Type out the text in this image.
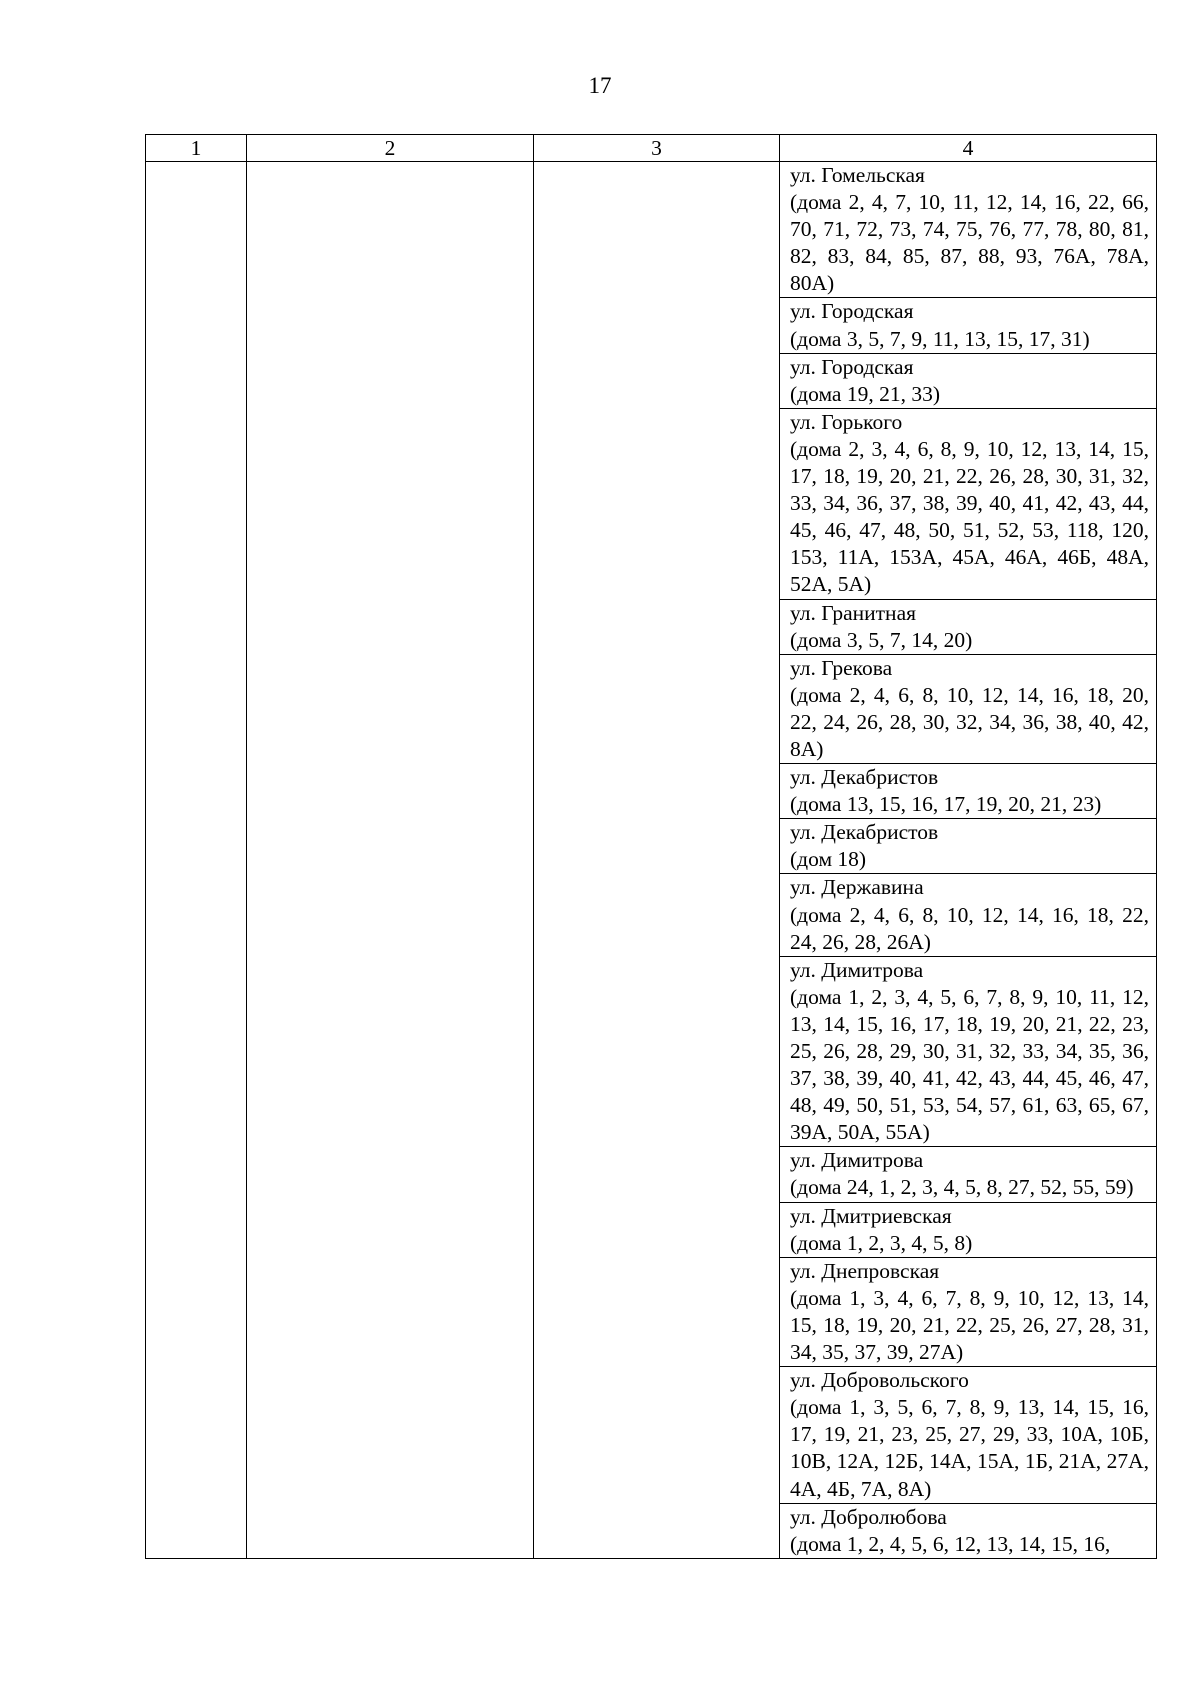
17
1	2	3	4

			ул. Гомельская
(дома 2, 4, 7, 10, 11, 12, 14, 16, 22, 66, 70, 71, 72, 73, 74, 75, 76, 77, 78, 80, 81, 82, 83, 84, 85, 87, 88, 93, 76А, 78А, 80А)

			ул. Городская
(дома 3, 5, 7, 9, 11, 13, 15, 17, 31)

			ул. Городская
(дома 19, 21, 33)

			ул. Горького
(дома 2, 3, 4, 6, 8, 9, 10, 12, 13, 14, 15, 17, 18, 19, 20, 21, 22, 26, 28, 30, 31, 32, 33, 34, 36, 37, 38, 39, 40, 41, 42, 43, 44, 45, 46, 47, 48, 50, 51, 52, 53, 118, 120, 153, 11А, 153А, 45А, 46А, 46Б, 48А, 52А, 5А)

			ул. Гранитная
(дома 3, 5, 7, 14, 20)

			ул. Грекова
(дома 2, 4, 6, 8, 10, 12, 14, 16, 18, 20, 22, 24, 26, 28, 30, 32, 34, 36, 38, 40, 42, 8А)

			ул. Декабристов
(дома 13, 15, 16, 17, 19, 20, 21, 23)

			ул. Декабристов
(дом 18)

			ул. Державина
(дома 2, 4, 6, 8, 10, 12, 14, 16, 18, 22, 24, 26, 28, 26А)

			ул. Димитрова
(дома 1, 2, 3, 4, 5, 6, 7, 8, 9, 10, 11, 12, 13, 14, 15, 16, 17, 18, 19, 20, 21, 22, 23, 25, 26, 28, 29, 30, 31, 32, 33, 34, 35, 36, 37, 38, 39, 40, 41, 42, 43, 44, 45, 46, 47, 48, 49, 50, 51, 53, 54, 57, 61, 63, 65, 67, 39А, 50А, 55А)

			ул. Димитрова
(дома 24, 1, 2, 3, 4, 5, 8, 27, 52, 55, 59)

			ул. Дмитриевская
(дома 1, 2, 3, 4, 5, 8)

			ул. Днепровская
(дома 1, 3, 4, 6, 7, 8, 9, 10, 12, 13, 14, 15, 18, 19, 20, 21, 22, 25, 26, 27, 28, 31, 34, 35, 37, 39, 27А)

			ул. Добровольского
(дома 1, 3, 5, 6, 7, 8, 9, 13, 14, 15, 16, 17, 19, 21, 23, 25, 27, 29, 33, 10А, 10Б, 10В, 12А, 12Б, 14А, 15А, 1Б, 21А, 27А, 4А, 4Б, 7А, 8А)

			ул. Добролюбова
(дома 1, 2, 4, 5, 6, 12, 13, 14, 15, 16,
